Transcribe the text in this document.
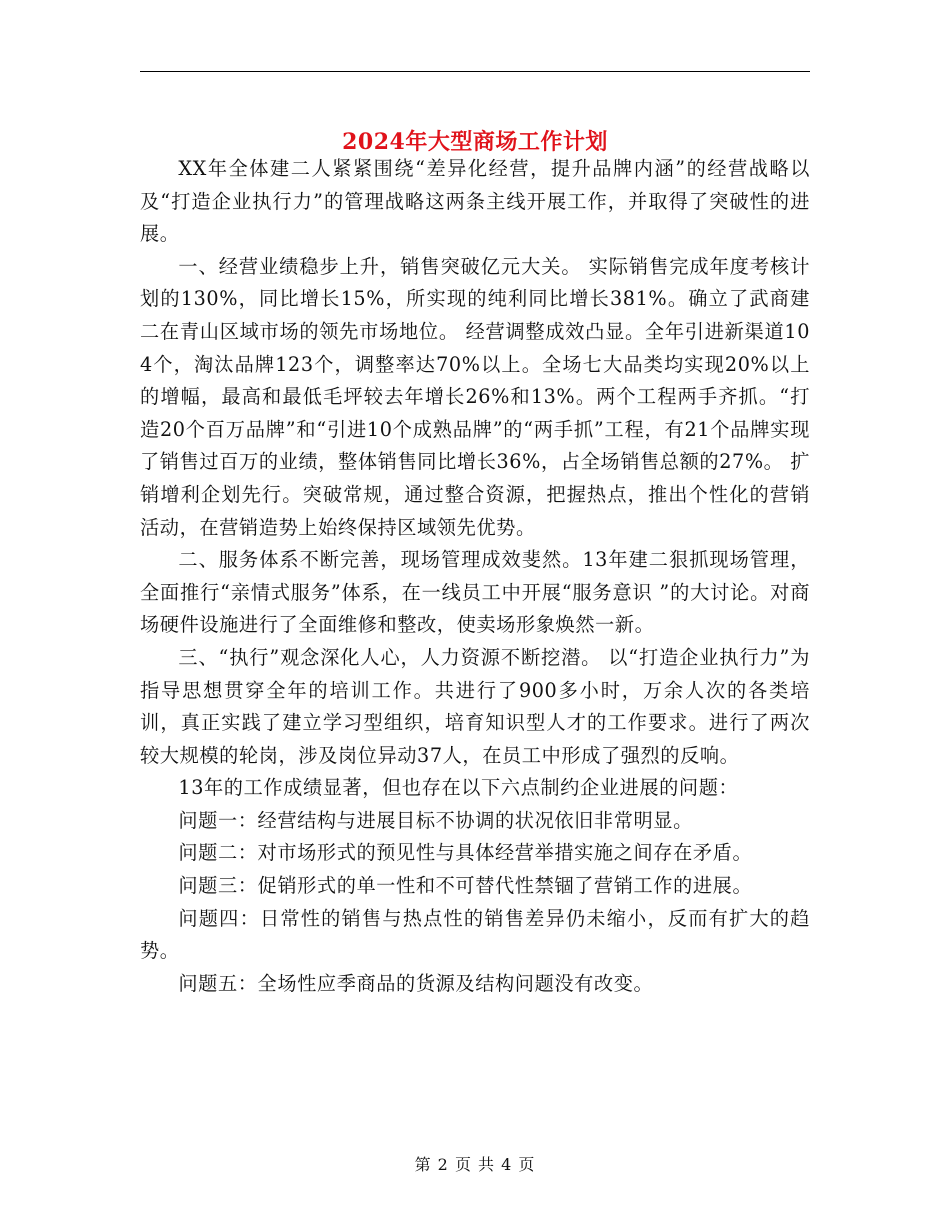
2024年大型商场工作计划

XX年全体建二人紧紧围绕“差异化经营，提升品牌内涵”的经营战略以及“打造企业执行力”的管理战略这两条主线开展工作，并取得了突破性的进展。

一、经营业绩稳步上升，销售突破亿元大关。 实际销售完成年度考核计划的130%，同比增长15%，所实现的纯利同比增长381%。确立了武商建二在青山区域市场的领先市场地位。 经营调整成效凸显。全年引进新渠道104个，淘汰品牌123个，调整率达70%以上。全场七大品类均实现20%以上的增幅，最高和最低毛坪较去年增长26%和13%。两个工程两手齐抓。“打造20个百万品牌”和“引进10个成熟品牌”的“两手抓”工程，有21个品牌实现了销售过百万的业绩，整体销售同比增长36%，占全场销售总额的27%。 扩销增利企划先行。突破常规，通过整合资源，把握热点，推出个性化的营销活动，在营销造势上始终保持区域领先优势。

二、服务体系不断完善，现场管理成效斐然。13年建二狠抓现场管理，全面推行“亲情式服务”体系，在一线员工中开展“服务意识 ”的大讨论。对商场硬件设施进行了全面维修和整改，使卖场形象焕然一新。

三、“执行”观念深化人心，人力资源不断挖潜。 以“打造企业执行力”为指导思想贯穿全年的培训工作。共进行了900多小时，万余人次的各类培训，真正实践了建立学习型组织，培育知识型人才的工作要求。进行了两次较大规模的轮岗，涉及岗位异动37人，在员工中形成了强烈的反响。

13年的工作成绩显著，但也存在以下六点制约企业进展的问题：

问题一：经营结构与进展目标不协调的状况依旧非常明显。

问题二：对市场形式的预见性与具体经营举措实施之间存在矛盾。

问题三：促销形式的单一性和不可替代性禁锢了营销工作的进展。

问题四：日常性的销售与热点性的销售差异仍未缩小，反而有扩大的趋势。

问题五：全场性应季商品的货源及结构问题没有改变。

第 2 页 共 4 页
